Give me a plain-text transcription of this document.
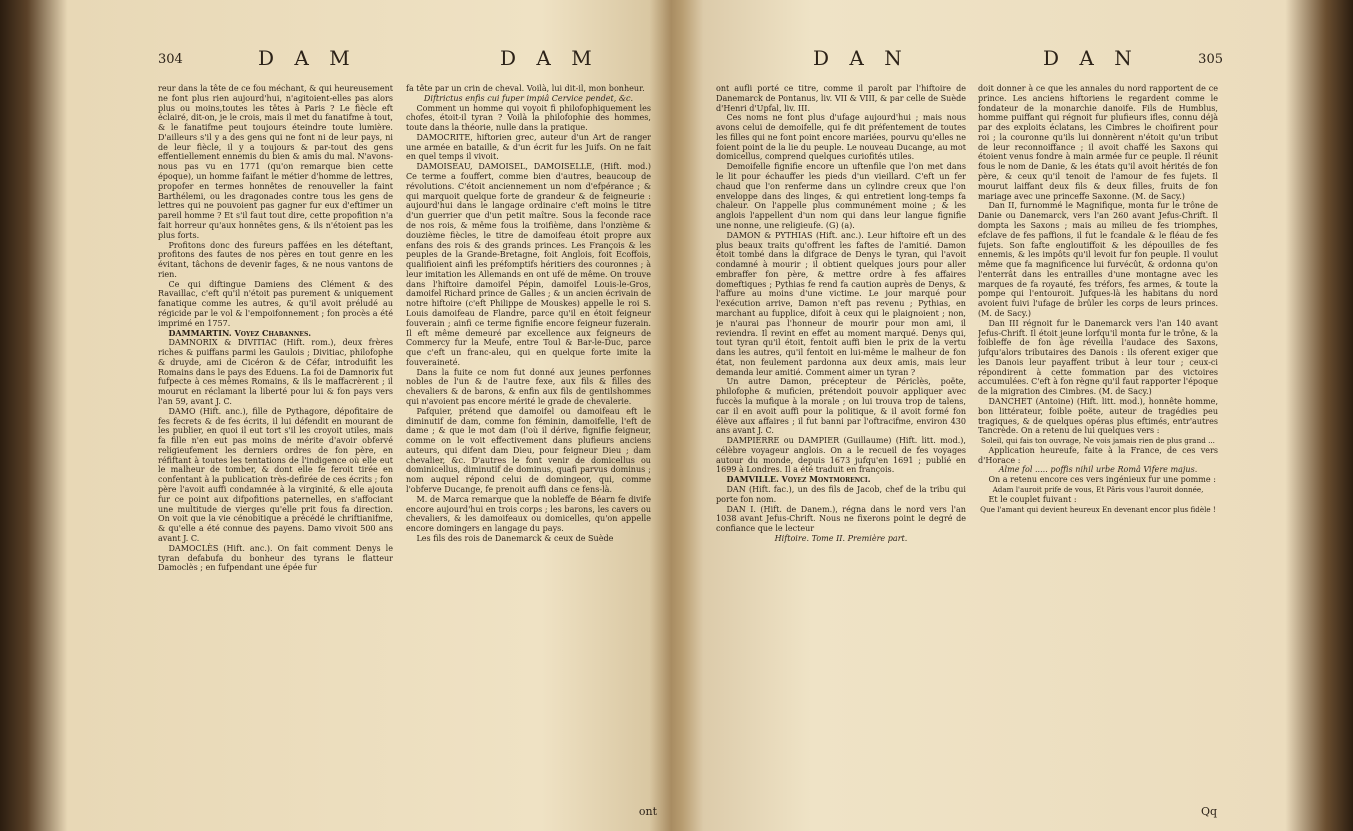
304	D A M	D A M

reur dans la tête de ce fou méchant, & qui heureusement ne font plus rien aujourd'hui, n'agitoient-elles pas alors plus ou moins,toutes les têtes à Paris ? Le fiècle eft éclairé, dit-on, je le crois, mais il met du fanatifme à tout, & le fanatifme peut toujours éteindre toute lumière. D'ailleurs s'il y a des gens qui ne font ni de leur pays, ni de leur fiècle, il y a toujours & par-tout des gens effentiellement ennemis du bien & amis du mal. N'avons-nous pas vu en 1771 (qu'on remarque bien cette époque), un homme faifant le métier d'homme de lettres, propofer en termes honnêtes de renouveller la faint Barthélemi, ou les dragonades contre tous les gens de lettres qui ne pouvoient pas gagner fur eux d'eftimer un pareil homme ? Et s'il faut tout dire, cette propofition n'a fait horreur qu'aux honnêtes gens, & ils n'étoient pas les plus forts.

Profitons donc des fureurs paffées en les déteftant, profitons des fautes de nos pères en tout genre en les évitant, tâchons de devenir fages, & ne nous vantons de rien.

Ce qui diftingue Damiens des Clément & des Ravaillac, c'eft qu'il n'étoit pas purement & uniquement fanatique comme les autres, & qu'il avoit préludé au régicide par le vol & l'empoifonnement ; fon procès a été imprimé en 1757.

DAMMARTIN. Voyez Chabannes.

DAMNORIX & DIVITIAC (Hift. rom.), deux frères riches & puiffans parmi les Gaulois ; Divitiac, philofophe & druyde, ami de Cicéron & de Céfar, introduifit les Romains dans le pays des Eduens. La foi de Damnorix fut fufpecte à ces mêmes Romains, & ils le maffacrèrent ; il mourut en réclamant la liberté pour lui & fon pays vers l'an 59, avant J. C.

DAMO (Hift. anc.), fille de Pythagore, dépofitaire de fes fecrets & de fes écrits, il lui défendit en mourant de les publier, en quoi il eut tort s'il les croyoit utiles, mais fa fille n'en eut pas moins de mérite d'avoir obfervé religieufement les derniers ordres de fon père, en réfiftant à toutes les tentations de l'indigence où elle eut le malheur de tomber, & dont elle fe feroit tirée en confentant à la publication très-defirée de ces écrits ; fon père l'avoit auffi condamnée à la virginité, & elle ajouta fur ce point aux difpofitions paternelles, en s'affociant une multitude de vierges qu'elle prit fous fa direction. On voit que la vie cénobitique a précédé le chriftianifme, & qu'elle a été connue des payens. Damo vivoit 500 ans avant J. C.

DAMOCLÈS (Hift. anc.). On fait comment Denys le tyran defabufa du bonheur des tyrans le flatteur Damoclès ; en fufpendant une épée fur

fa tête par un crin de cheval. Voilà, lui dit-il, mon bonheur.

Diftrictus enfis cui fuper impiâ Cervice pendet, &c.

Comment un homme qui voyoit fi philofophiquement les chofes, étoit-il tyran ? Voilà la philofophie des hommes, toute dans la théorie, nulle dans la pratique.

DAMOCRITE, hiftorien grec, auteur d'un Art de ranger une armée en bataille, & d'un écrit fur les Juifs. On ne fait en quel temps il vivoit.

DAMOISEAU, DAMOISEL, DAMOISELLE, (Hift. mod.) Ce terme a fouffert, comme bien d'autres, beaucoup de révolutions. C'étoit anciennement un nom d'efpérance ; & qui marquoit quelque forte de grandeur & de feigneurie : aujourd'hui dans le langage ordinaire c'eft moins le titre d'un guerrier que d'un petit maître. Sous la feconde race de nos rois, & même fous la troifième, dans l'onzième & douzième fiècles, le titre de damoifeau étoit propre aux enfans des rois & des grands princes. Les François & les peuples de la Grande-Bretagne, foit Anglois, foit Ecoffois, qualifioient ainfi les préfomptifs héritiers des couronnes ; à leur imitation les Allemands en ont ufé de même. On trouve dans l'hiftoire damoifel Pépin, damoifel Louis-le-Gros, damoifel Richard prince de Galles ; & un ancien écrivain de notre hiftoire (c'eft Philippe de Mouskes) appelle le roi S. Louis damoifeau de Flandre, parce qu'il en étoit feigneur fouverain ; ainfi ce terme fignifie encore feigneur fuzerain. Il eft même demeuré par excellence aux feigneurs de Commercy fur la Meufe, entre Toul & Bar-le-Duc, parce que c'eft un franc-aleu, qui en quelque forte imite la fouveraineté.

Dans la fuite ce nom fut donné aux jeunes perfonnes nobles de l'un & de l'autre fexe, aux fils & filles des chevaliers & de barons, & enfin aux fils de gentilshommes qui n'avoient pas encore mérité le grade de chevalerie.

Pafquier, prétend que damoifel ou damoifeau eft le diminutif de dam, comme fon féminin, damoifelle, l'eft de dame ; & que le mot dam (l'où il dérive, fignifie feigneur, comme on le voit effectivement dans plufieurs anciens auteurs, qui difent dam Dieu, pour feigneur Dieu ; dam chevalier, &c. D'autres le font venir de domicellus ou dominicellus, diminutif de dominus, quafi parvus dominus ; nom auquel répond celui de domingeor, qui, comme l'obferve Ducange, fe prenoit auffi dans ce fens-là.

M. de Marca remarque que la nobleffe de Béarn fe divife encore aujourd'hui en trois corps ; les barons, les cavers ou chevaliers, & les damoifeaux ou domicelles, qu'on appelle encore domingers en langage du pays.

Les fils des rois de Danemarck & ceux de Suède

ont
D A N	D A N	305

ont aufli porté ce titre, comme il paroît par l'hiftoire de Danemarck de Pontanus, liv. VII & VIII, & par celle de Suède d'Henri d'Upfal, liv. III.

Ces noms ne font plus d'ufage aujourd'hui ; mais nous avons celui de demoifelle, qui fe dit préfentement de toutes les filles qui ne font point encore mariées, pourvu qu'elles ne foient point de la lie du peuple. Le nouveau Ducange, au mot domicellus, comprend quelques curiofités utiles.

Demoifelle fignifie encore un uftenfile que l'on met dans le lit pour échauffer les pieds d'un vieillard. C'eft un fer chaud que l'on renferme dans un cylindre creux que l'on enveloppe dans des linges, & qui entretient long-temps fa chaleur. On l'appelle plus communément moine ; & les anglois l'appellent d'un nom qui dans leur langue fignifie une nonne, une religieufe. (G) (a).

DAMON & PYTHIAS (Hift. anc.). Leur hiftoire eft un des plus beaux traits qu'offrent les faftes de l'amitié. Damon étoit tombé dans la difgrace de Denys le tyran, qui l'avoit condamné à mourir ; il obtient quelques jours pour aller embraffer fon père, & mettre ordre à fes affaires domeftiques ; Pythias fe rend fa caution auprès de Denys, & l'affure au moins d'une victime. Le jour marqué pour l'exécution arrive, Damon n'eft pas revenu ; Pythias, en marchant au fupplice, difoit à ceux qui le plaignoient ; non, je n'aurai pas l'honneur de mourir pour mon ami, il reviendra. Il revint en effet au moment marqué. Denys qui, tout tyran qu'il étoit, fentoit auffi bien le prix de la vertu dans les autres, qu'il fentoit en lui-même le malheur de fon état, non feulement pardonna aux deux amis, mais leur demanda leur amitié. Comment aimer un tyran ?

Un autre Damon, précepteur de Périclès, poëte, philofophe & muficien, prétendoit pouvoir appliquer avec fuccès la mufique à la morale ; on lui trouva trop de talens, car il en avoit auffi pour la politique, & il avoit formé fon élève aux affaires ; il fut banni par l'oftracifme, environ 430 ans avant J. C.

DAMPIERRE ou DAMPIER (Guillaume) (Hift. litt. mod.), célèbre voyageur anglois. On a le recueil de fes voyages autour du monde, depuis 1673 jufqu'en 1691 ; publié en 1699 à Londres. Il a été traduit en françois.

DAMVILLE. Voyez Montmorenci.

DAN (Hift. fac.), un des fils de Jacob, chef de la tribu qui porte fon nom.

DAN I. (Hift. de Danem.), régna dans le nord vers l'an 1038 avant Jefus-Chrift. Nous ne fixerons point le degré de confiance que le lecteur

Hiftoire. Tome II. Première part.

doit donner à ce que les annales du nord rapportent de ce prince. Les anciens hiftoriens le regardent comme le fondateur de la monarchie danoife. Fils de Humblus, homme puiffant qui régnoit fur plufieurs ifles, connu déjà par des exploits éclatans, les Cimbres le choifirent pour roi ; la couronne qu'ils lui donnèrent n'étoit qu'un tribut de leur reconnoiffance ; il avoit chaffé les Saxons qui étoient venus fondre à main armée fur ce peuple. Il réunit fous le nom de Danie, & les états qu'il avoit hérités de fon père, & ceux qu'il tenoit de l'amour de fes fujets. Il mourut laiffant deux fils & deux filles, fruits de fon mariage avec une princeffe Saxonne. (M. de Sacy.)

Dan II, furnommé le Magnifique, monta fur le trône de Danie ou Danemarck, vers l'an 260 avant Jefus-Chrift. Il dompta les Saxons ; mais au milieu de fes triomphes, efclave de fes paffions, il fut le fcandale & le fléau de fes fujets. Son fafte engloutiffoit & les dépouilles de fes ennemis, & les impôts qu'il levoit fur fon peuple. Il voulut même que fa magnificence lui furvécût, & ordonna qu'on l'enterrât dans les entrailles d'une montagne avec les marques de fa royauté, fes tréfors, fes armes, & toute la pompe qui l'entouroit. Jufques-là les habitans du nord avoient fuivi l'ufage de brûler les corps de leurs princes. (M. de Sacy.)

Dan III régnoit fur le Danemarck vers l'an 140 avant Jefus-Chrift. Il étoit jeune lorfqu'il monta fur le trône, & la foibleffe de fon âge réveilla l'audace des Saxons, jufqu'alors tributaires des Danois : ils oferent exiger que les Danois leur payaffent tribut à leur tour ; ceux-ci répondirent à cette fommation par des victoires accumulées. C'eft à fon règne qu'il faut rapporter l'époque de la migration des Cimbres. (M. de Sacy.)

DANCHET (Antoine) (Hift. litt. mod.), honnête homme, bon littérateur, foible poëte, auteur de tragédies peu tragiques, & de quelques opéras plus eftimés, entr'autres Tancrède. On a retenu de lui quelques vers :

Soleil, qui fais ton ouvrage, Ne vois jamais rien de plus grand ...

Application heureufe, faite à la France, de ces vers d'Horace :

Alme fol ..... poffis nihil urbe Româ Vifere majus.

On a retenu encore ces vers ingénieux fur une pomme :

Adam l'auroit prife de vous, Et Pâris vous l'auroit donnée,

Et le couplet fuivant :

Que l'amant qui devient heureux En devenant encor plus fidèle !

Qq
